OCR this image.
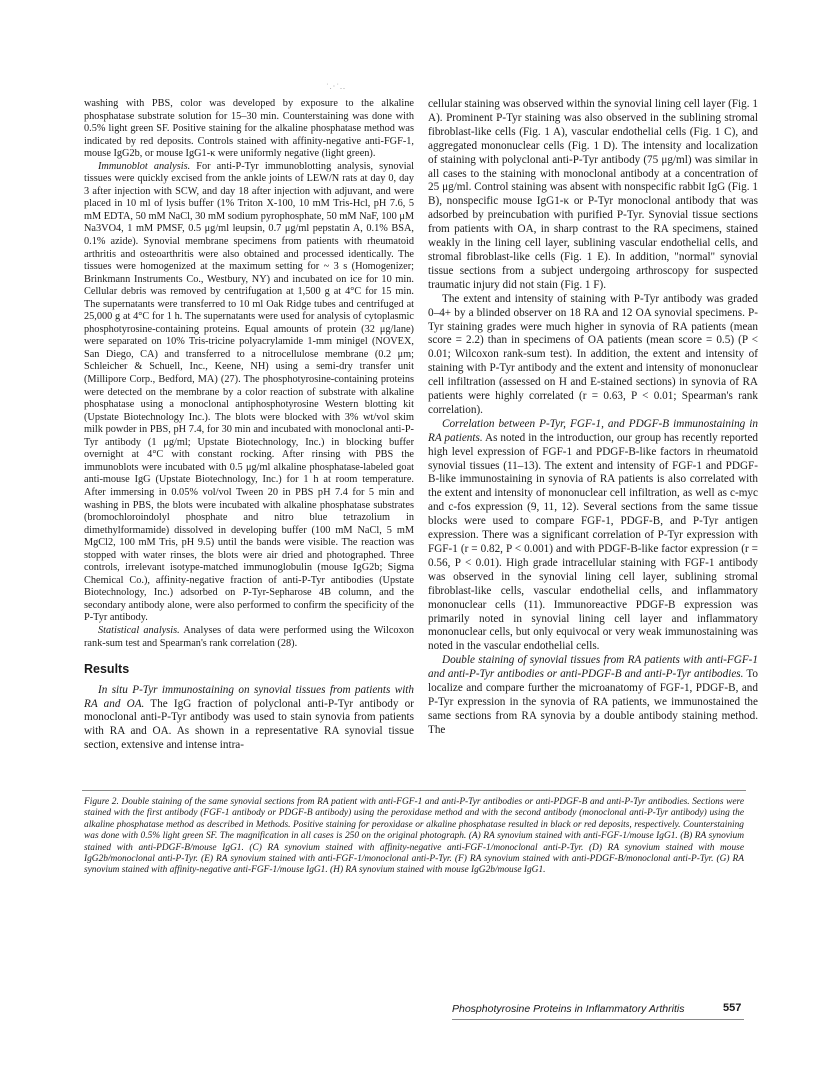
˙.·˙..

washing with PBS, color was developed by exposure to the alkaline phosphatase substrate solution for 15–30 min. Counterstaining was done with 0.5% light green SF. Positive staining for the alkaline phosphatase method was indicated by red deposits. Controls stained with affinity-negative anti-FGF-1, mouse IgG2b, or mouse IgG1-κ were uniformly negative (light green).

Immunoblot analysis. For anti-P-Tyr immunoblotting analysis, synovial tissues were quickly excised from the ankle joints of LEW/N rats at day 0, day 3 after injection with SCW, and day 18 after injection with adjuvant, and were placed in 10 ml of lysis buffer (1% Triton X-100, 10 mM Tris-Hcl, pH 7.6, 5 mM EDTA, 50 mM NaCl, 30 mM sodium pyrophosphate, 50 mM NaF, 100 μM Na3VO4, 1 mM PMSF, 0.5 μg/ml leupsin, 0.7 μg/ml pepstatin A, 0.1% BSA, 0.1% azide). Synovial membrane specimens from patients with rheumatoid arthritis and osteoarthritis were also obtained and processed identically. The tissues were homogenized at the maximum setting for ~ 3 s (Homogenizer; Brinkmann Instruments Co., Westbury, NY) and incubated on ice for 10 min. Cellular debris was removed by centrifugation at 1,500 g at 4°C for 15 min. The supernatants were transferred to 10 ml Oak Ridge tubes and centrifuged at 25,000 g at 4°C for 1 h. The supernatants were used for analysis of cytoplasmic phosphotyrosine-containing proteins. Equal amounts of protein (32 μg/lane) were separated on 10% Tris-tricine polyacrylamide 1-mm minigel (NOVEX, San Diego, CA) and transferred to a nitrocellulose membrane (0.2 μm; Schleicher & Schuell, Inc., Keene, NH) using a semi-dry transfer unit (Millipore Corp., Bedford, MA) (27). The phosphotyrosine-containing proteins were detected on the membrane by a color reaction of substrate with alkaline phosphatase using a monoclonal antiphosphotyrosine Western blotting kit (Upstate Biotechnology Inc.). The blots were blocked with 3% wt/vol skim milk powder in PBS, pH 7.4, for 30 min and incubated with monoclonal anti-P-Tyr antibody (1 μg/ml; Upstate Biotechnology, Inc.) in blocking buffer overnight at 4°C with constant rocking. After rinsing with PBS the immunoblots were incubated with 0.5 μg/ml alkaline phosphatase-labeled goat anti-mouse IgG (Upstate Biotechnology, Inc.) for 1 h at room temperature. After immersing in 0.05% vol/vol Tween 20 in PBS pH 7.4 for 5 min and washing in PBS, the blots were incubated with alkaline phosphatase substrates (bromochloroindolyl phosphate and nitro blue tetrazolium in dimethylformamide) dissolved in developing buffer (100 mM NaCl, 5 mM MgCl2, 100 mM Tris, pH 9.5) until the bands were visible. The reaction was stopped with water rinses, the blots were air dried and photographed. Three controls, irrelevant isotype-matched immunoglobulin (mouse IgG2b; Sigma Chemical Co.), affinity-negative fraction of anti-P-Tyr antibodies (Upstate Biotechnology, Inc.) adsorbed on P-Tyr-Sepharose 4B column, and the secondary antibody alone, were also performed to confirm the specificity of the P-Tyr antibody.

Statistical analysis. Analyses of data were performed using the Wilcoxon rank-sum test and Spearman's rank correlation (28).

Results

In situ P-Tyr immunostaining on synovial tissues from patients with RA and OA. The IgG fraction of polyclonal anti-P-Tyr antibody or monoclonal anti-P-Tyr antibody was used to stain synovia from patients with RA and OA. As shown in a representative RA synovial tissue section, extensive and intense intra-

cellular staining was observed within the synovial lining cell layer (Fig. 1 A). Prominent P-Tyr staining was also observed in the sublining stromal fibroblast-like cells (Fig. 1 A), vascular endothelial cells (Fig. 1 C), and aggregated mononuclear cells (Fig. 1 D). The intensity and localization of staining with polyclonal anti-P-Tyr antibody (75 μg/ml) was similar in all cases to the staining with monoclonal antibody at a concentration of 25 μg/ml. Control staining was absent with nonspecific rabbit IgG (Fig. 1 B), nonspecific mouse IgG1-κ or P-Tyr monoclonal antibody that was adsorbed by preincubation with purified P-Tyr. Synovial tissue sections from patients with OA, in sharp contrast to the RA specimens, stained weakly in the lining cell layer, sublining vascular endothelial cells, and stromal fibroblast-like cells (Fig. 1 E). In addition, "normal" synovial tissue sections from a subject undergoing arthroscopy for suspected traumatic injury did not stain (Fig. 1 F).

The extent and intensity of staining with P-Tyr antibody was graded 0–4+ by a blinded observer on 18 RA and 12 OA synovial specimens. P-Tyr staining grades were much higher in synovia of RA patients (mean score = 2.2) than in specimens of OA patients (mean score = 0.5) (P < 0.01; Wilcoxon rank-sum test). In addition, the extent and intensity of staining with P-Tyr antibody and the extent and intensity of mononuclear cell infiltration (assessed on H and E-stained sections) in synovia of RA patients were highly correlated (r = 0.63, P < 0.01; Spearman's rank correlation).

Correlation between P-Tyr, FGF-1, and PDGF-B immunostaining in RA patients. As noted in the introduction, our group has recently reported high level expression of FGF-1 and PDGF-B-like factors in rheumatoid synovial tissues (11–13). The extent and intensity of FGF-1 and PDGF-B-like immunostaining in synovia of RA patients is also correlated with the extent and intensity of mononuclear cell infiltration, as well as c-myc and c-fos expression (9, 11, 12). Several sections from the same tissue blocks were used to compare FGF-1, PDGF-B, and P-Tyr antigen expression. There was a significant correlation of P-Tyr expression with FGF-1 (r = 0.82, P < 0.001) and with PDGF-B-like factor expression (r = 0.56, P < 0.01). High grade intracellular staining with FGF-1 antibody was observed in the synovial lining cell layer, sublining stromal fibroblast-like cells, vascular endothelial cells, and inflammatory mononuclear cells (11). Immunoreactive PDGF-B expression was primarily noted in synovial lining cell layer and inflammatory mononuclear cells, but only equivocal or very weak immunostaining was noted in the vascular endothelial cells.

Double staining of synovial tissues from RA patients with anti-FGF-1 and anti-P-Tyr antibodies or anti-PDGF-B and anti-P-Tyr antibodies. To localize and compare further the microanatomy of FGF-1, PDGF-B, and P-Tyr expression in the synovia of RA patients, we immunostained the same sections from RA synovia by a double antibody staining method. The

Figure 2. Double staining of the same synovial sections from RA patient with anti-FGF-1 and anti-P-Tyr antibodies or anti-PDGF-B and anti-P-Tyr antibodies. Sections were stained with the first antibody (FGF-1 antibody or PDGF-B antibody) using the peroxidase method and with the second antibody (monoclonal anti-P-Tyr antibody) using the alkaline phosphatase method as described in Methods. Positive staining for peroxidase or alkaline phosphatase resulted in black or red deposits, respectively. Counterstaining was done with 0.5% light green SF. The magnification in all cases is 250 on the original photograph. (A) RA synovium stained with anti-FGF-1/mouse IgG1. (B) RA synovium stained with anti-PDGF-B/mouse IgG1. (C) RA synovium stained with affinity-negative anti-FGF-1/monoclonal anti-P-Tyr. (D) RA synovium stained with mouse IgG2b/monoclonal anti-P-Tyr. (E) RA synovium stained with anti-FGF-1/monoclonal anti-P-Tyr. (F) RA synovium stained with anti-PDGF-B/monoclonal anti-P-Tyr. (G) RA synovium stained with affinity-negative anti-FGF-1/mouse IgG1. (H) RA synovium stained with mouse IgG2b/mouse IgG1.
Phosphotyrosine Proteins in Inflammatory Arthritis	557
